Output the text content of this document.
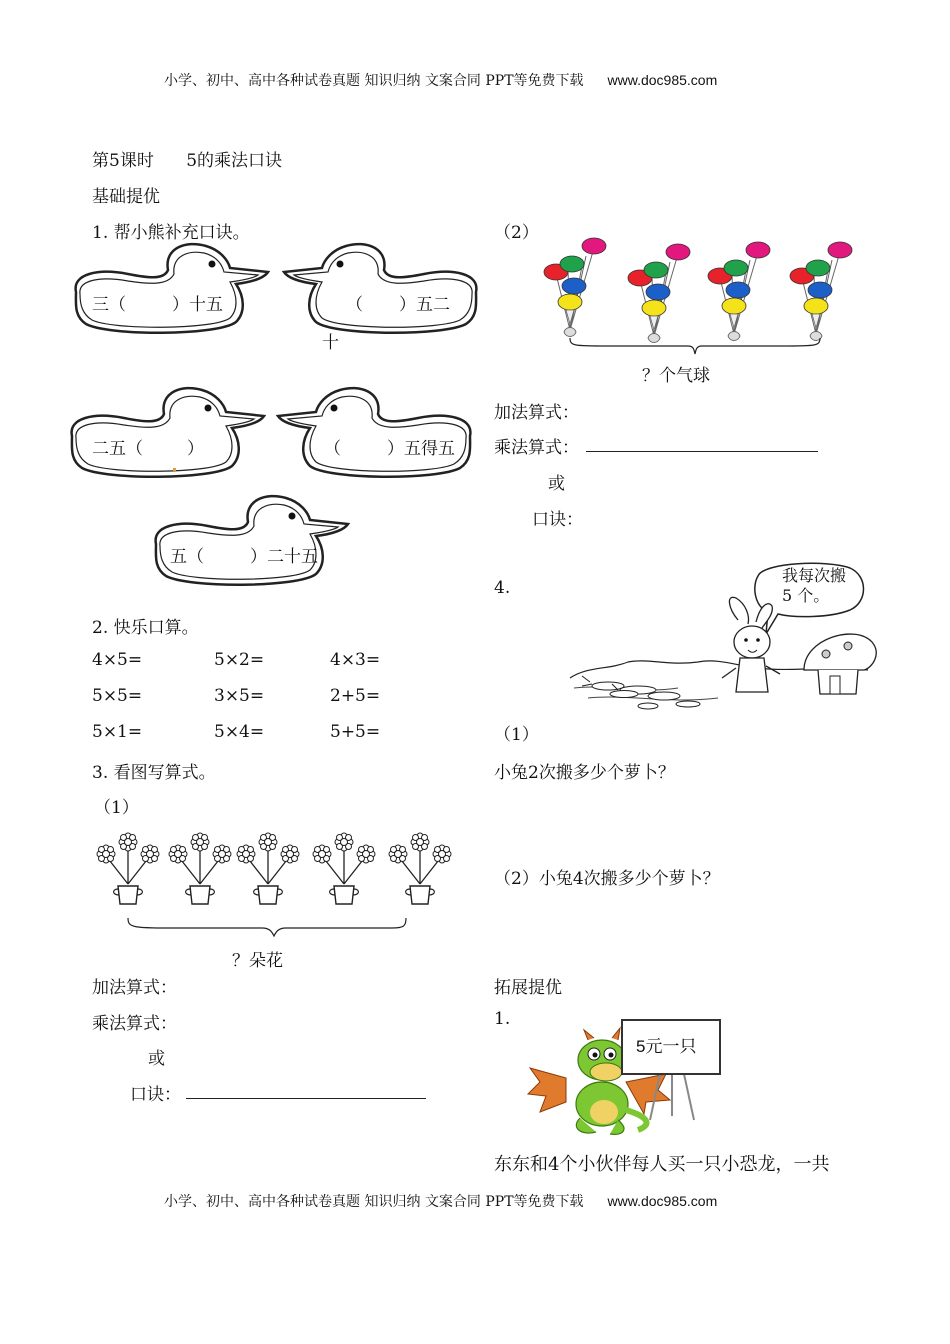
小学、初中、高中各种试卷真题 知识归纳 文案合同 PPT等免费下载 www.doc985.com
第5课时      5的乘法口诀
基础提优
1. 帮小熊补充口诀。
三（	）十五	（ ）五二
十
二五（	）	（	）五得五
五（	）二十五
2. 快乐口算。
4×5=	5×2=	4×3=
5×5=	3×5=	2+5=
5×1=	5×4=	5+5=
3. 看图写算式。
（1）
？朵花
加法算式：
乘法算式：
或
口诀：
（2）
？个气球
加法算式：
乘法算式：
或
口诀：
4.
我每次搬
5 个。
（1）
小兔2次搬多少个萝卜？
（2）小兔4次搬多少个萝卜？
拓展提优
1.
5元一只
东东和4个小伙伴每人买一只小恐龙，一共
小学、初中、高中各种试卷真题 知识归纳 文案合同 PPT等免费下载 www.doc985.com
